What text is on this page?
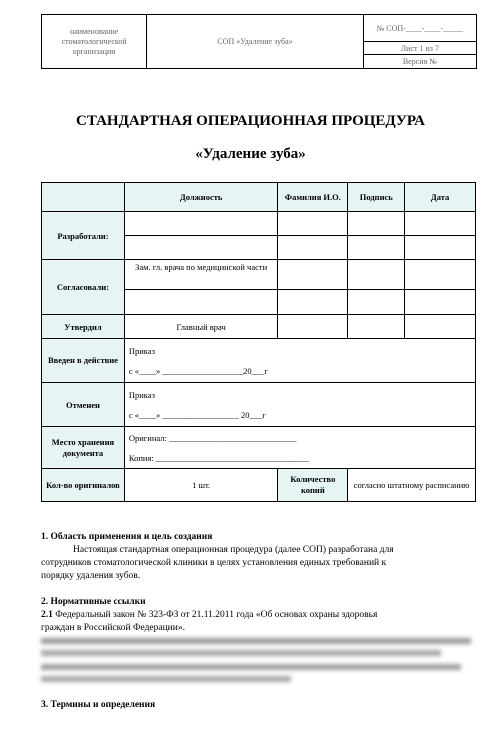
наименование стоматологической организации	СОП «Удаление зуба»	№ СОП-____-____-_____
Лист 1 из 7
Версия №
СТАНДАРТНАЯ ОПЕРАЦИОННАЯ ПРОЦЕДУРА
«Удаление зуба»
	Должность	Фамилия И.О.	Подпись	Дата
Разработали:				

Согласовали:	Зам. гл. врача по медицинской части			

Утвердил	Главный врач			
Введен в действие	Приказ
с «____» ___________________20___г			

Отменен	Приказ
с «____» __________________ 20___г			

Место хранения документа	Оригинал: ______________________________
Копия: ____________________________________			

Кол-во оригиналов	1 шт.	Количество копий	согласно штатному расписанию	
1. Область применения и цель создания
Настоящая стандартная операционная процедура (далее СОП) разработана для
сотрудников стоматологической клиники в целях установления единых требований к
порядку удаления зубов.
2. Нормативные ссылки
2.1 Федеральный закон № 323-ФЗ от 21.11.2011 года «Об основах охраны здоровья
граждан в Российской Федерации».
3. Термины и определения
